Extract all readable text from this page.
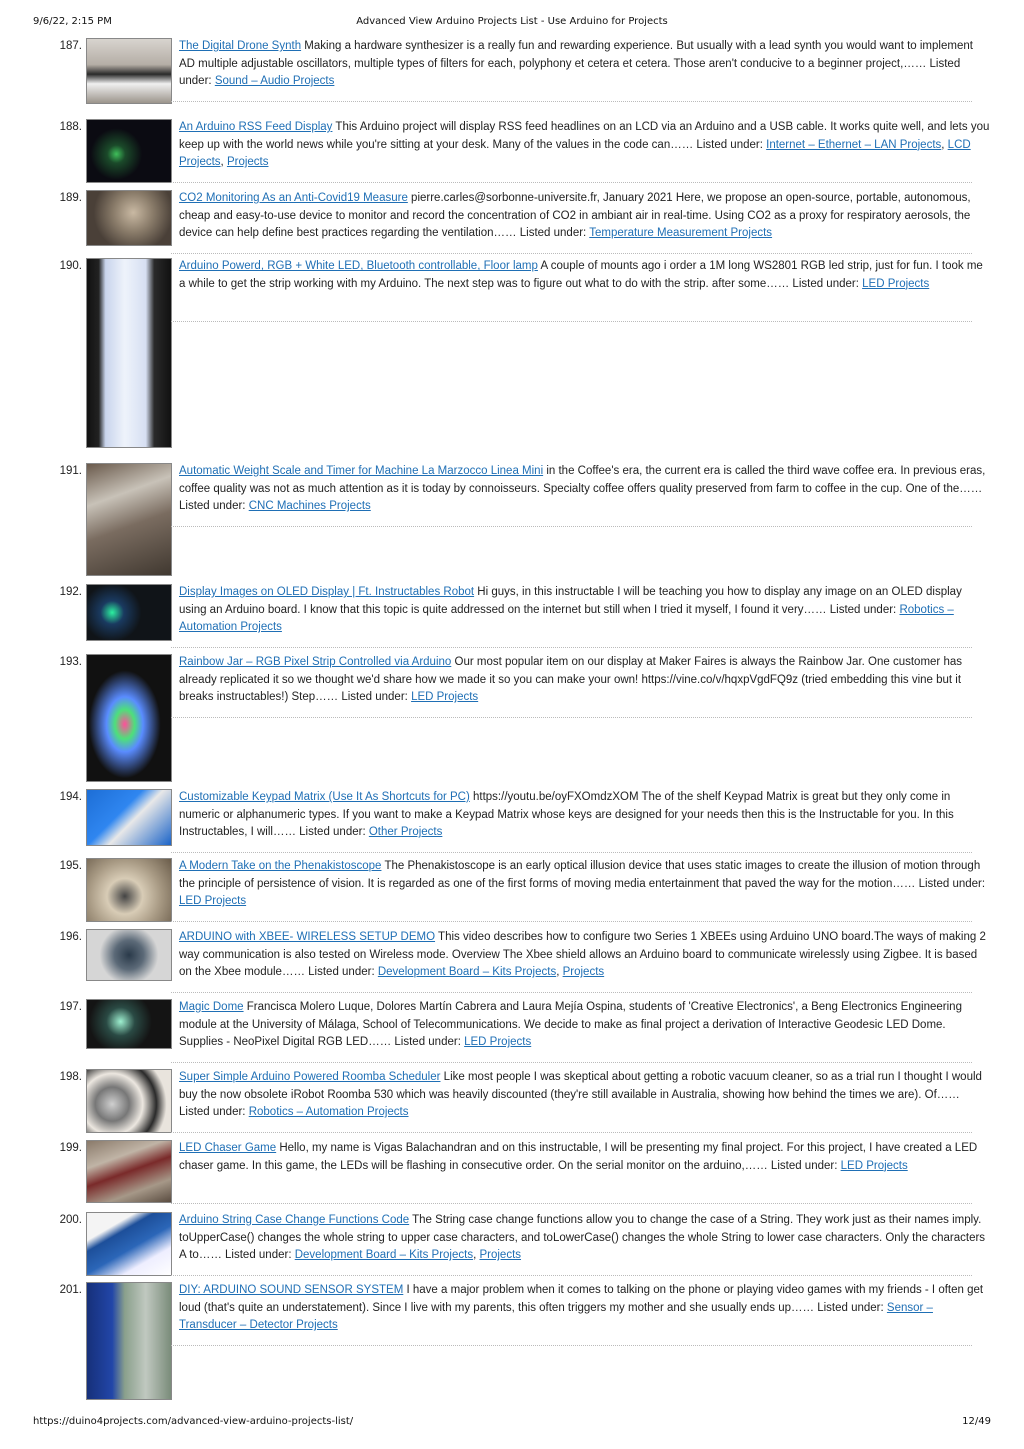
9/6/22, 2:15 PM	Advanced View Arduino Projects List - Use Arduino for Projects
187.	The Digital Drone Synth Making a hardware synthesizer is a really fun and rewarding experience. But usually with a lead synth you would want to implement AD multiple adjustable oscillators, multiple types of filters for each, polyphony et cetera et cetera. Those aren't conducive to a beginner project,…… Listed under: Sound – Audio Projects
188.	An Arduino RSS Feed Display This Arduino project will display RSS feed headlines on an LCD via an Arduino and a USB cable. It works quite well, and lets you keep up with the world news while you're sitting at your desk. Many of the values in the code can…… Listed under: Internet – Ethernet – LAN Projects, LCD Projects, Projects
189.	CO2 Monitoring As an Anti-Covid19 Measure pierre.carles@sorbonne-universite.fr, January 2021 Here, we propose an open-source, portable, autonomous, cheap and easy-to-use device to monitor and record the concentration of CO2 in ambiant air in real-time. Using CO2 as a proxy for respiratory aerosols, the device can help define best practices regarding the ventilation…… Listed under: Temperature Measurement Projects
190.	Arduino Powerd, RGB + White LED, Bluetooth controllable, Floor lamp A couple of mounts ago i order a 1M long WS2801 RGB led strip, just for fun. I took me a while to get the strip working with my Arduino. The next step was to figure out what to do with the strip. after some…… Listed under: LED Projects
191.	Automatic Weight Scale and Timer for Machine La Marzocco Linea Mini in the Coffee's era, the current era is called the third wave coffee era. In previous eras, coffee quality was not as much attention as it is today by connoisseurs. Specialty coffee offers quality preserved from farm to coffee in the cup. One of the…… Listed under: CNC Machines Projects
192.	Display Images on OLED Display | Ft. Instructables Robot Hi guys, in this instructable I will be teaching you how to display any image on an OLED display using an Arduino board. I know that this topic is quite addressed on the internet but still when I tried it myself, I found it very…… Listed under: Robotics – Automation Projects
193.	Rainbow Jar – RGB Pixel Strip Controlled via Arduino Our most popular item on our display at Maker Faires is always the Rainbow Jar. One customer has already replicated it so we thought we'd share how we made it so you can make your own! https://vine.co/v/hqxpVgdFQ9z (tried embedding this vine but it breaks instructables!) Step…… Listed under: LED Projects
194.	Customizable Keypad Matrix (Use It As Shortcuts for PC) https://youtu.be/oyFXOmdzXOM The of the shelf Keypad Matrix is great but they only come in numeric or alphanumeric types. If you want to make a Keypad Matrix whose keys are designed for your needs then this is the Instructable for you. In this Instructables, I will…… Listed under: Other Projects
195.	A Modern Take on the Phenakistoscope The Phenakistoscope is an early optical illusion device that uses static images to create the illusion of motion through the principle of persistence of vision. It is regarded as one of the first forms of moving media entertainment that paved the way for the motion…… Listed under: LED Projects
196.	ARDUINO with XBEE- WIRELESS SETUP DEMO This video describes how to configure two Series 1 XBEEs using Arduino UNO board.The ways of making 2 way communication is also tested on Wireless mode. Overview The Xbee shield allows an Arduino board to communicate wirelessly using Zigbee. It is based on the Xbee module…… Listed under: Development Board – Kits Projects, Projects
197.	Magic Dome Francisca Molero Luque, Dolores Martín Cabrera and Laura Mejía Ospina, students of 'Creative Electronics', a Beng Electronics Engineering module at the University of Málaga, School of Telecommunications. We decide to make as final project a derivation of Interactive Geodesic LED Dome. Supplies - NeoPixel Digital RGB LED…… Listed under: LED Projects
198.	Super Simple Arduino Powered Roomba Scheduler Like most people I was skeptical about getting a robotic vacuum cleaner, so as a trial run I thought I would buy the now obsolete iRobot Roomba 530 which was heavily discounted (they're still available in Australia, showing how behind the times we are). Of…… Listed under: Robotics – Automation Projects
199.	LED Chaser Game Hello, my name is Vigas Balachandran and on this instructable, I will be presenting my final project. For this project, I have created a LED chaser game. In this game, the LEDs will be flashing in consecutive order. On the serial monitor on the arduino,…… Listed under: LED Projects
200.	Arduino String Case Change Functions Code The String case change functions allow you to change the case of a String. They work just as their names imply. toUpperCase() changes the whole string to upper case characters, and toLowerCase() changes the whole String to lower case characters. Only the characters A to…… Listed under: Development Board – Kits Projects, Projects
201.	DIY: ARDUINO SOUND SENSOR SYSTEM I have a major problem when it comes to talking on the phone or playing video games with my friends - I often get loud (that's quite an understatement). Since I live with my parents, this often triggers my mother and she usually ends up…… Listed under: Sensor – Transducer – Detector Projects
https://duino4projects.com/advanced-view-arduino-projects-list/	12/49
